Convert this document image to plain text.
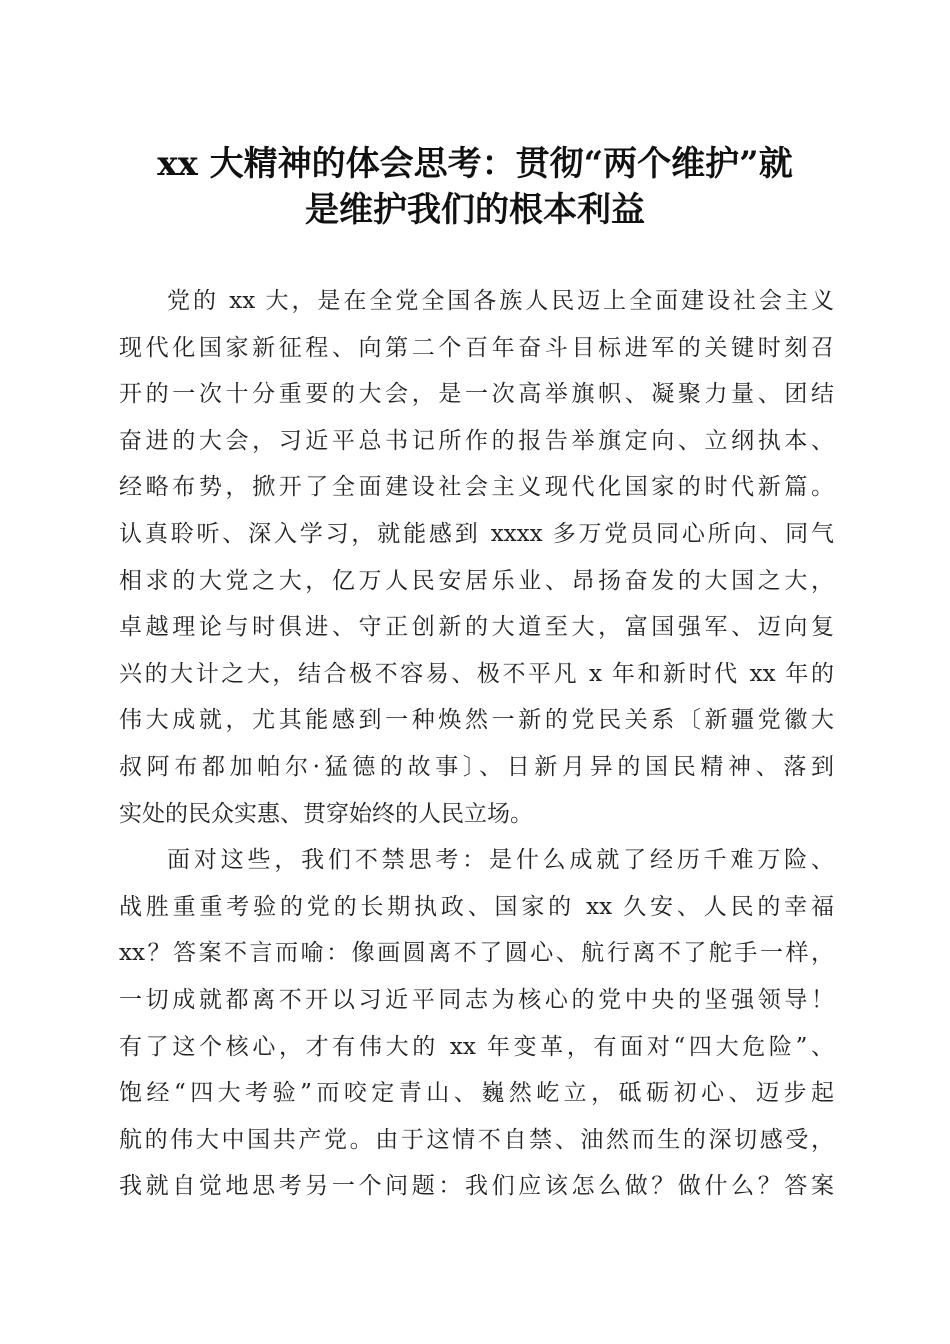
xx 大精神的体会思考：贯彻“两个维护”就
是维护我们的根本利益
党的 xx 大，是在全党全国各族人民迈上全面建设社会主义
现代化国家新征程、向第二个百年奋斗目标进军的关键时刻召
开的一次十分重要的大会，是一次高举旗帜、凝聚力量、团结
奋进的大会，习近平总书记所作的报告举旗定向、立纲执本、
经略布势，掀开了全面建设社会主义现代化国家的时代新篇。
认真聆听、深入学习，就能感到 xxxx 多万党员同心所向、同气
相求的大党之大，亿万人民安居乐业、昂扬奋发的大国之大，
卓越理论与时俱进、守正创新的大道至大，富国强军、迈向复
兴的大计之大，结合极不容易、极不平凡 x 年和新时代 xx 年的
伟大成就，尤其能感到一种焕然一新的党民关系〔新疆党徽大
叔阿布都加帕尔·猛德的故事〕、日新月异的国民精神、落到
实处的民众实惠、贯穿始终的人民立场。
面对这些，我们不禁思考：是什么成就了经历千难万险、
战胜重重考验的党的长期执政、国家的 xx 久安、人民的幸福
xx？答案不言而喻：像画圆离不了圆心、航行离不了舵手一样，
一切成就都离不开以习近平同志为核心的党中央的坚强领导！
有了这个核心，才有伟大的 xx 年变革，有面对“四大危险”、
饱经“四大考验”而咬定青山、巍然屹立，砥砺初心、迈步起
航的伟大中国共产党。由于这情不自禁、油然而生的深切感受，
我就自觉地思考另一个问题：我们应该怎么做？做什么？答案
